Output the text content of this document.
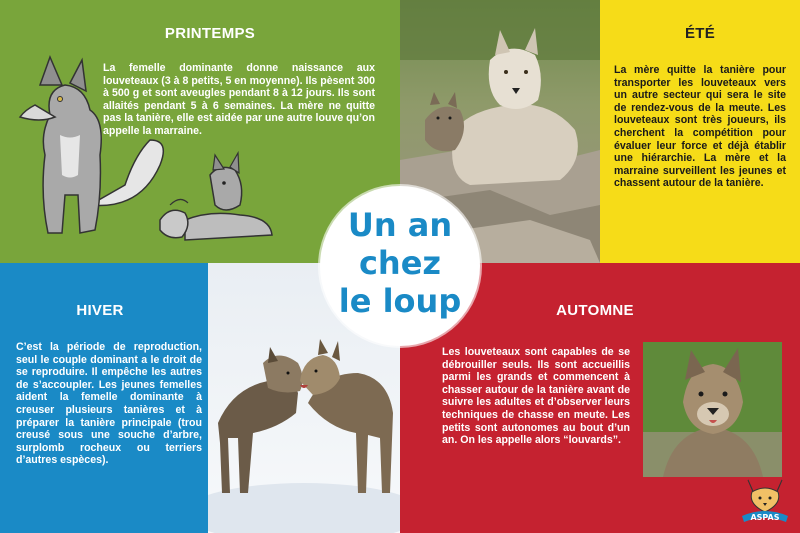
Un an
chez
le loup
PRINTEMPS
La femelle dominante donne naissance aux louveteaux (3 à 8 petits, 5 en moyenne). Ils pèsent 300 à 500 g et sont aveugles pendant 8 à 12 jours. Ils sont allaités pendant 5 à 6 semaines. La mère ne quitte pas la tanière, elle est aidée par une autre louve qu’on appelle la marraine.
ÉTÉ
La mère quitte la tanière pour transporter les louveteaux vers un autre secteur qui sera le site de rendez-vous de la meute. Les louveteaux sont très joueurs, ils cherchent la compétition pour évaluer leur force et déjà établir une hiérarchie. La mère et la marraine surveillent les jeunes et chassent autour de la tanière.
HIVER
C’est la période de reproduction, seul le couple dominant a le droit de se reproduire. Il empêche les autres de s’accoupler. Les jeunes femelles aident la femelle dominante à creuser plusieurs tanières et à préparer la tanière principale (trou creusé sous une souche d’arbre, surplomb rocheux ou terriers d’autres espèces).
AUTOMNE
Les louveteaux sont capables de se débrouiller seuls. Ils sont accueillis parmi les grands et commencent à chasser autour de la tanière avant de suivre les adultes et d’observer leurs techniques de chasse en meute. Les petits sont autonomes au bout d’un an. On les appelle alors “louvards”.
ASPAS
